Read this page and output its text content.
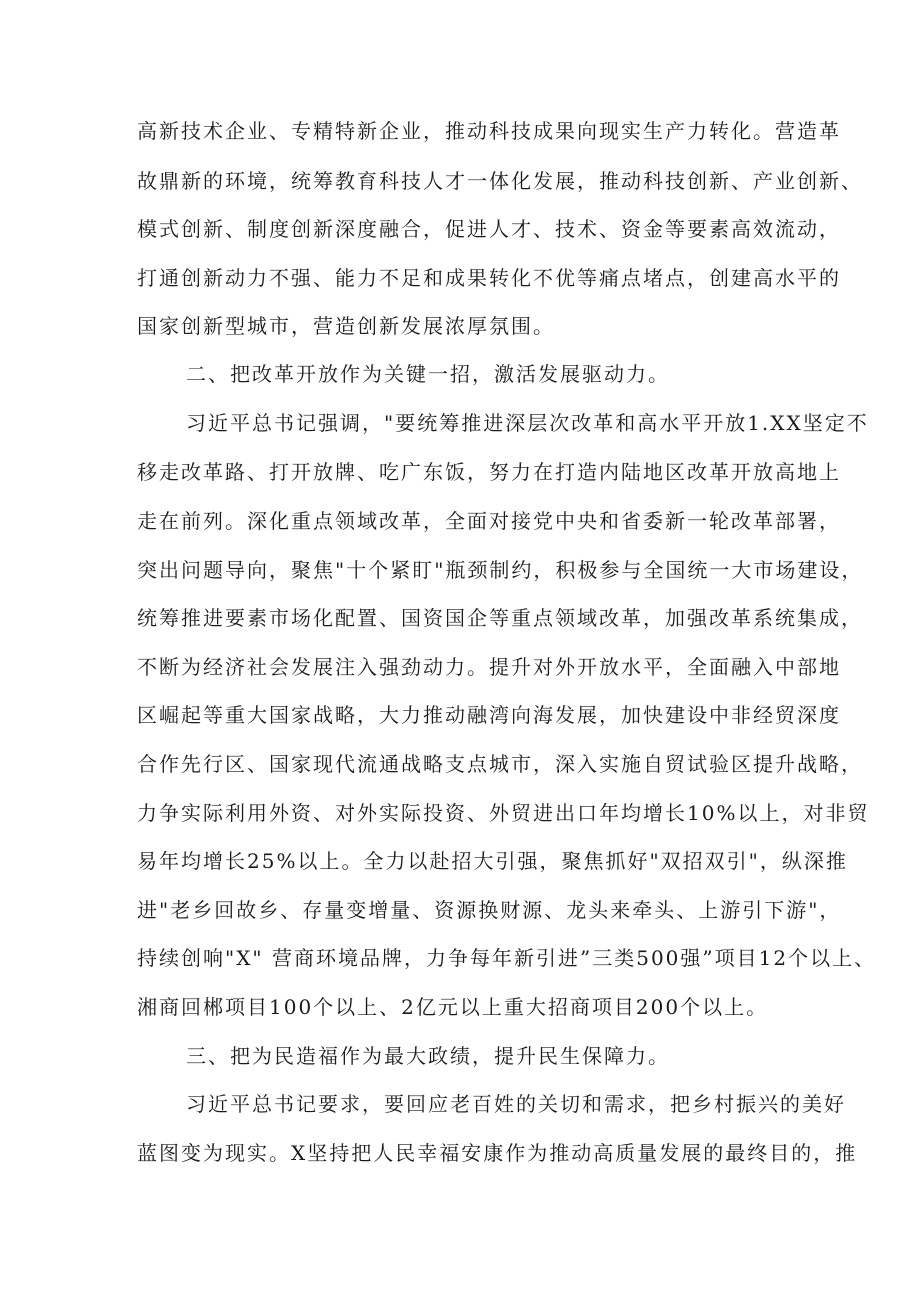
高新技术企业、专精特新企业，推动科技成果向现实生产力转化。营造革
故鼎新的环境，统筹教育科技人才一体化发展，推动科技创新、产业创新、
模式创新、制度创新深度融合，促进人才、技术、资金等要素高效流动，
打通创新动力不强、能力不足和成果转化不优等痛点堵点，创建高水平的
国家创新型城市，营造创新发展浓厚氛围。
二、把改革开放作为关键一招，激活发展驱动力。
习近平总书记强调，"要统筹推进深层次改革和高水平开放1.XX坚定不
移走改革路、打开放牌、吃广东饭，努力在打造内陆地区改革开放高地上
走在前列。深化重点领域改革，全面对接党中央和省委新一轮改革部署，
突出问题导向，聚焦"十个紧盯"瓶颈制约，积极参与全国统一大市场建设，
统筹推进要素市场化配置、国资国企等重点领域改革，加强改革系统集成，
不断为经济社会发展注入强劲动力。提升对外开放水平，全面融入中部地
区崛起等重大国家战略，大力推动融湾向海发展，加快建设中非经贸深度
合作先行区、国家现代流通战略支点城市，深入实施自贸试验区提升战略，
力争实际利用外资、对外实际投资、外贸进出口年均增长10%以上，对非贸
易年均增长25%以上。全力以赴招大引强，聚焦抓好"双招双引"，纵深推
进"老乡回故乡、存量变增量、资源换财源、龙头来牵头、上游引下游"，
持续创响"X" 营商环境品牌，力争每年新引进”三类500强”项目12个以上、
湘商回郴项目100个以上、2亿元以上重大招商项目200个以上。
三、把为民造福作为最大政绩，提升民生保障力。
习近平总书记要求，要回应老百姓的关切和需求，把乡村振兴的美好
蓝图变为现实。X坚持把人民幸福安康作为推动高质量发展的最终目的，推
